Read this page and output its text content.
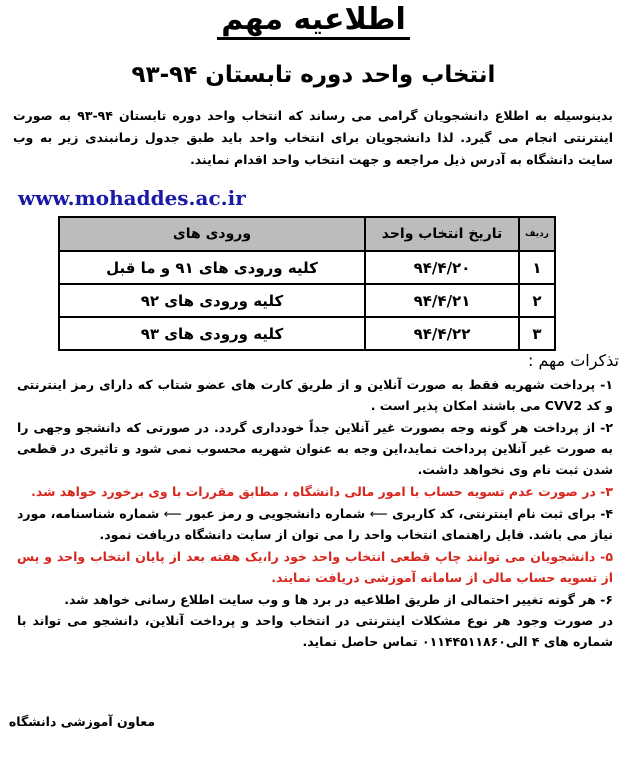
اطلاعیه مهم
انتخاب واحد دوره تابستان ۹۴-۹۳
بدینوسیله به اطلاع دانشجویان گرامی می رساند که انتخاب واحد دوره تابستان ۹۴-۹۳ به صورت اینترنتی انجام می گیرد. لذا دانشجویان برای انتخاب واحد باید طبق جدول زمانبندی زیر به وب سایت دانشگاه به آدرس ذیل مراجعه و جهت انتخاب واحد اقدام نمایند.
www.mohaddes.ac.ir
ردیف	تاریخ انتخاب واحد	ورودی های
۱	۹۴/۴/۲۰	کلیه ورودی های ۹۱ و ما قبل
۲	۹۴/۴/۲۱	کلیه ورودی های ۹۲
۳	۹۴/۴/۲۲	کلیه ورودی های ۹۳
تذکرات مهم :

۱- پرداخت شهریه فقط به صورت آنلاین و از طریق کارت های عضو شتاب که دارای رمز اینترنتی و کد CVV2 می باشند امکان پذیر است .

۲- از پرداخت هر گونه وجه بصورت غیر آنلاین جداً خودداری گردد. در صورتی که دانشجو وجهی را به صورت غیر آنلاین پرداخت نماید،این وجه به عنوان شهریه محسوب نمی شود و تاثیری در قطعی شدن ثبت نام وی نخواهد داشت.

۳- در صورت عدم تسویه حساب با امور مالی دانشگاه ، مطابق مقررات با وی برخورد خواهد شد.

۴- برای ثبت نام اینترنتی، کد کاربری ⟵ شماره دانشجویی و رمز عبور ⟵ شماره شناسنامه، مورد نیاز می باشد. فایل راهنمای انتخاب واحد را می توان از سایت دانشگاه دریافت نمود.

۵- دانشجویان می توانند چاپ قطعی انتخاب واحد خود را،یک هفته بعد از پایان انتخاب واحد و پس از تسویه حساب مالی از سامانه آموزشی دریافت نمایند.

۶- هر گونه تغییر احتمالی از طریق اطلاعیه در برد ها و وب سایت اطلاع رسانی خواهد شد.

در صورت وجود هر نوع مشکلات اینترنتی در انتخاب واحد و پرداخت آنلاین، دانشجو می تواند با شماره های ۴ الی۰۱۱۴۴۵۱۱۸۶۰ تماس حاصل نماید.

معاون آموزشی دانشگاه
